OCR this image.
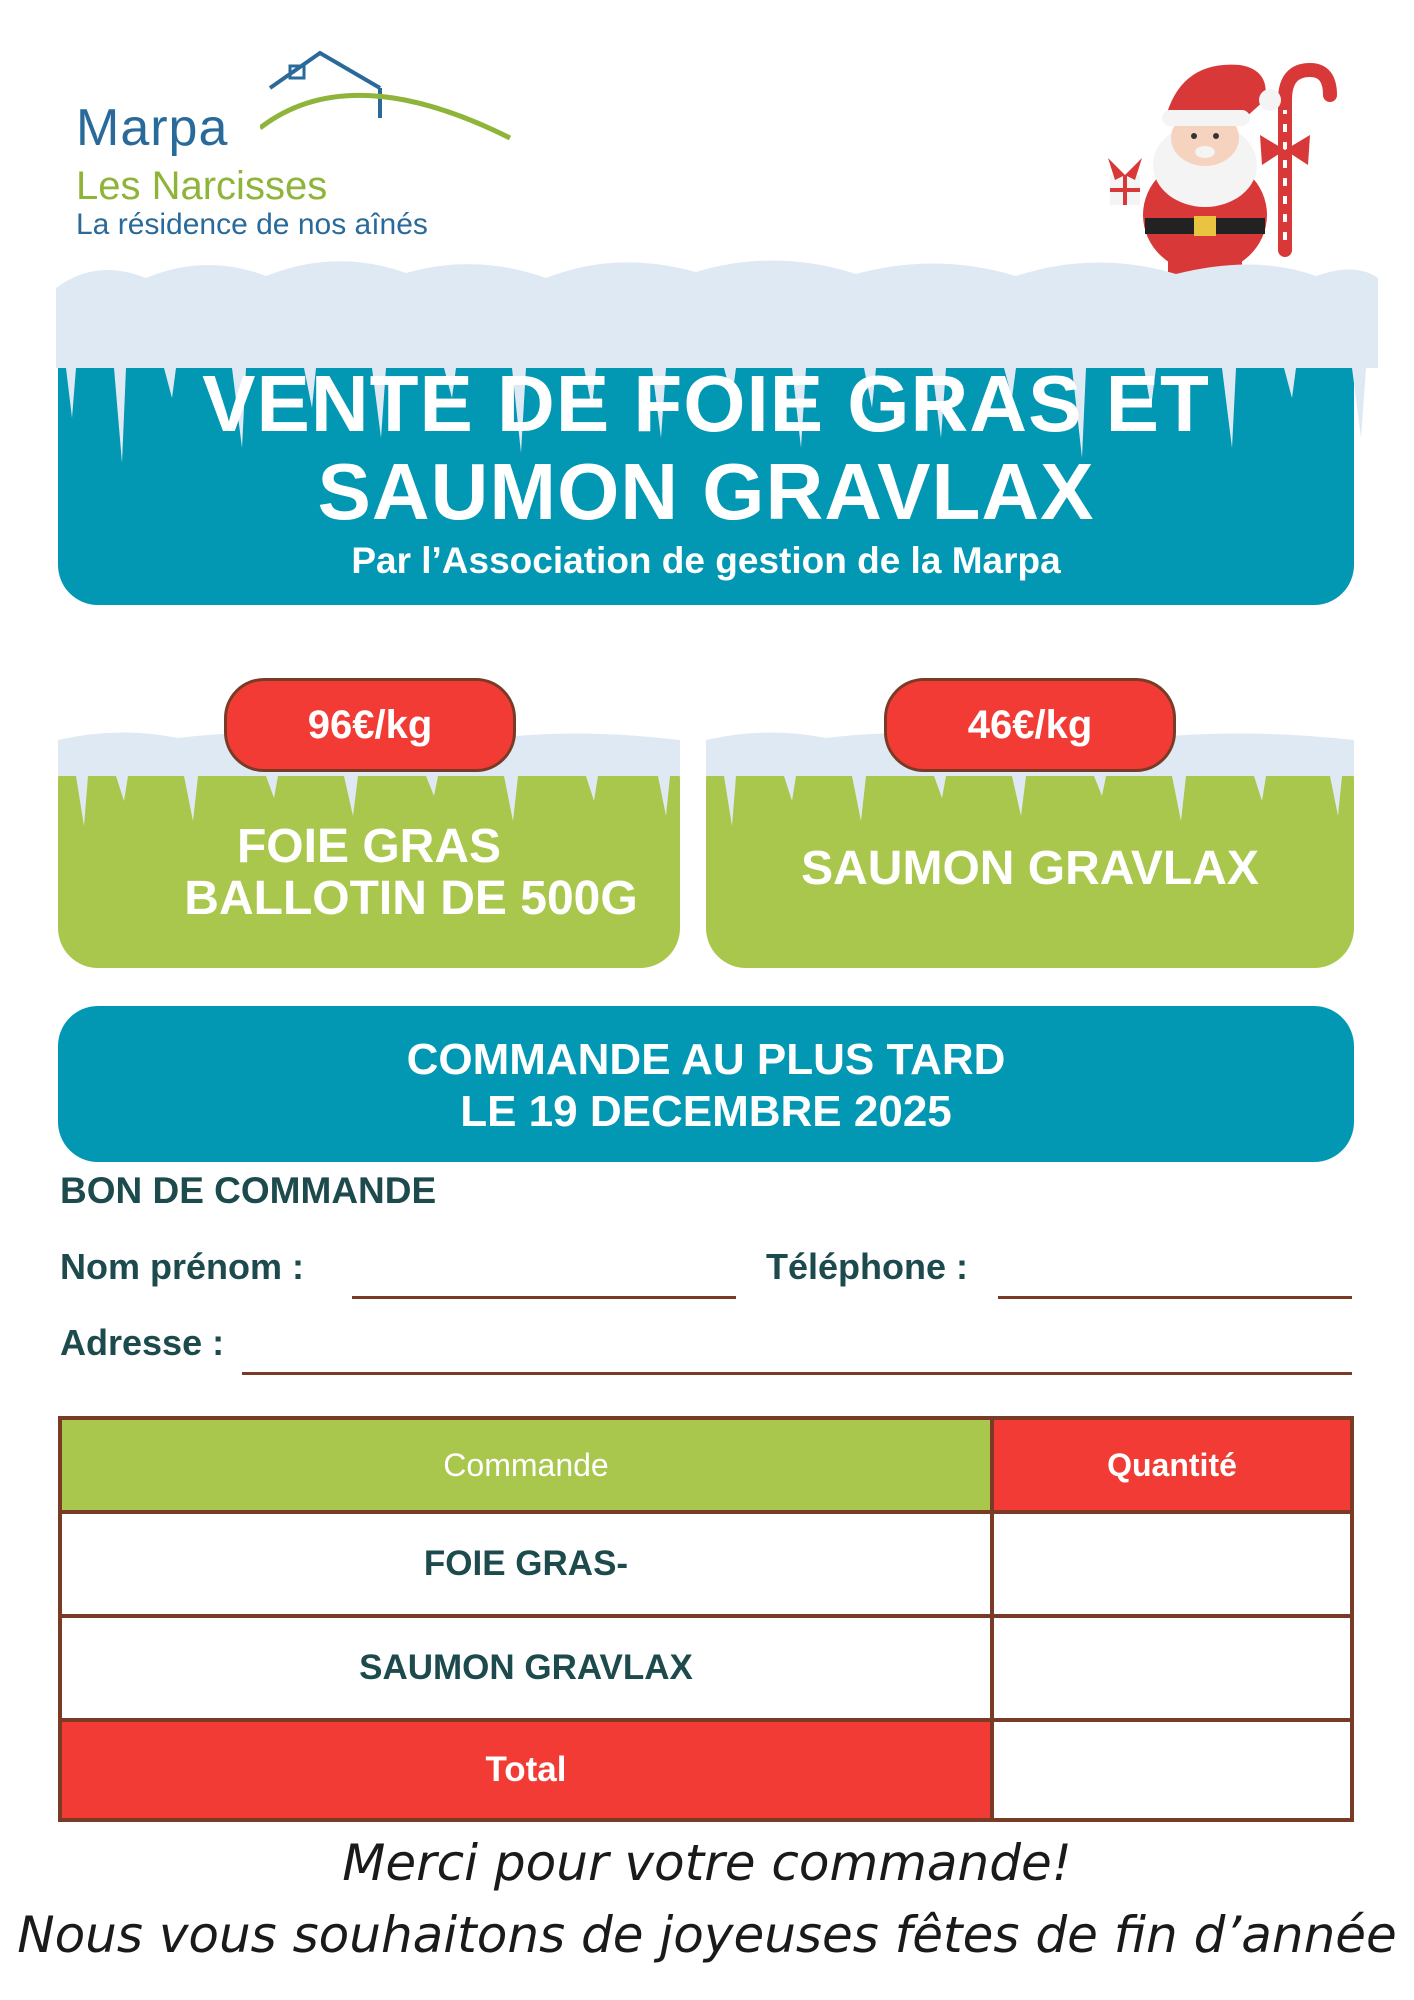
Marpa
Les Narcisses
La résidence de nos aînés
VENTE DE FOIE GRAS ET
SAUMON GRAVLAX
Par l’Association de gestion de la Marpa
FOIE GRAS
BALLOTIN DE 500G
96€/kg
SAUMON GRAVLAX
46€/kg
COMMANDE AU PLUS TARD
LE 19 DECEMBRE 2025
BON DE COMMANDE
Nom prénom :	Téléphone :
Adresse :
Commande	Quantité
FOIE GRAS-
SAUMON GRAVLAX
Total
Merci pour votre commande!
Nous vous souhaitons de joyeuses fêtes de fin d’année
